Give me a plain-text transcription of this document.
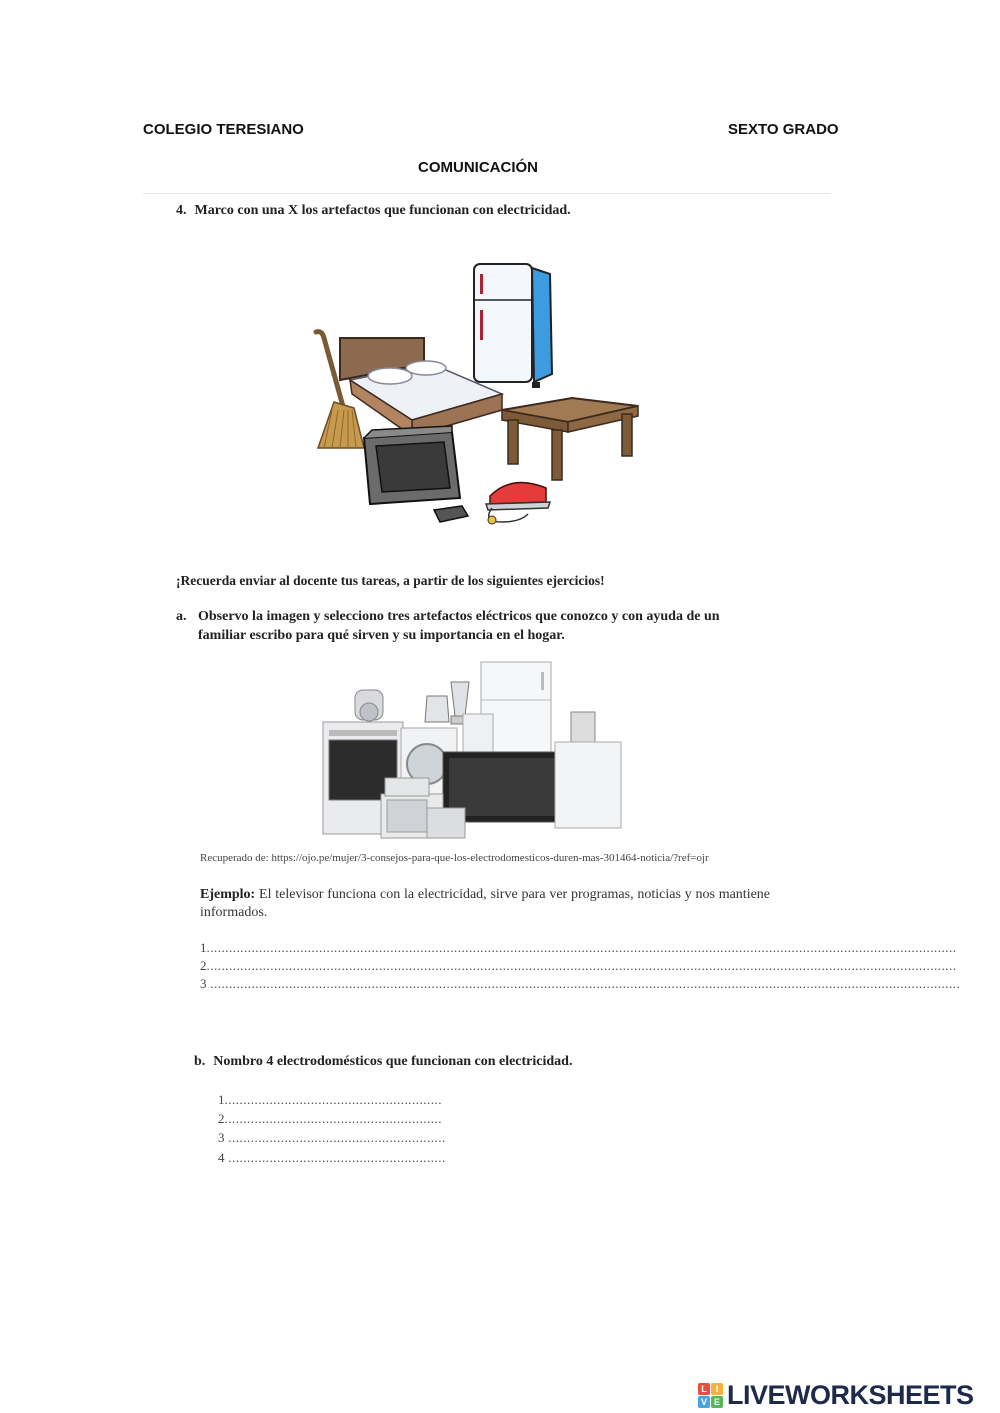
COLEGIO TERESIANO	SEXTO GRADO
COMUNICACIÓN
4. Marco con una X los artefactos que funcionan con electricidad.
¡Recuerda enviar al docente tus tareas, a partir de los siguientes ejercicios!
a. Observo la imagen y selecciono tres artefactos eléctricos que conozco y con ayuda de un
familiar escribo para qué sirven y su importancia en el hogar.
Recuperado de: https://ojo.pe/mujer/3-consejos-para-que-los-electrodomesticos-duren-mas-301464-noticia/?ref=ojr
Ejemplo: El televisor funciona con la electricidad, sirve para ver programas, noticias y nos mantiene informados.
1........................................................................................................................................................................................................
2........................................................................................................................................................................................................
3 ........................................................................................................................................................................................................
b. Nombro 4 electrodomésticos que funcionan con electricidad.
1..........................................................
2..........................................................
3 ..........................................................
4 ..........................................................
L I
V E LIVEWORKSHEETS
